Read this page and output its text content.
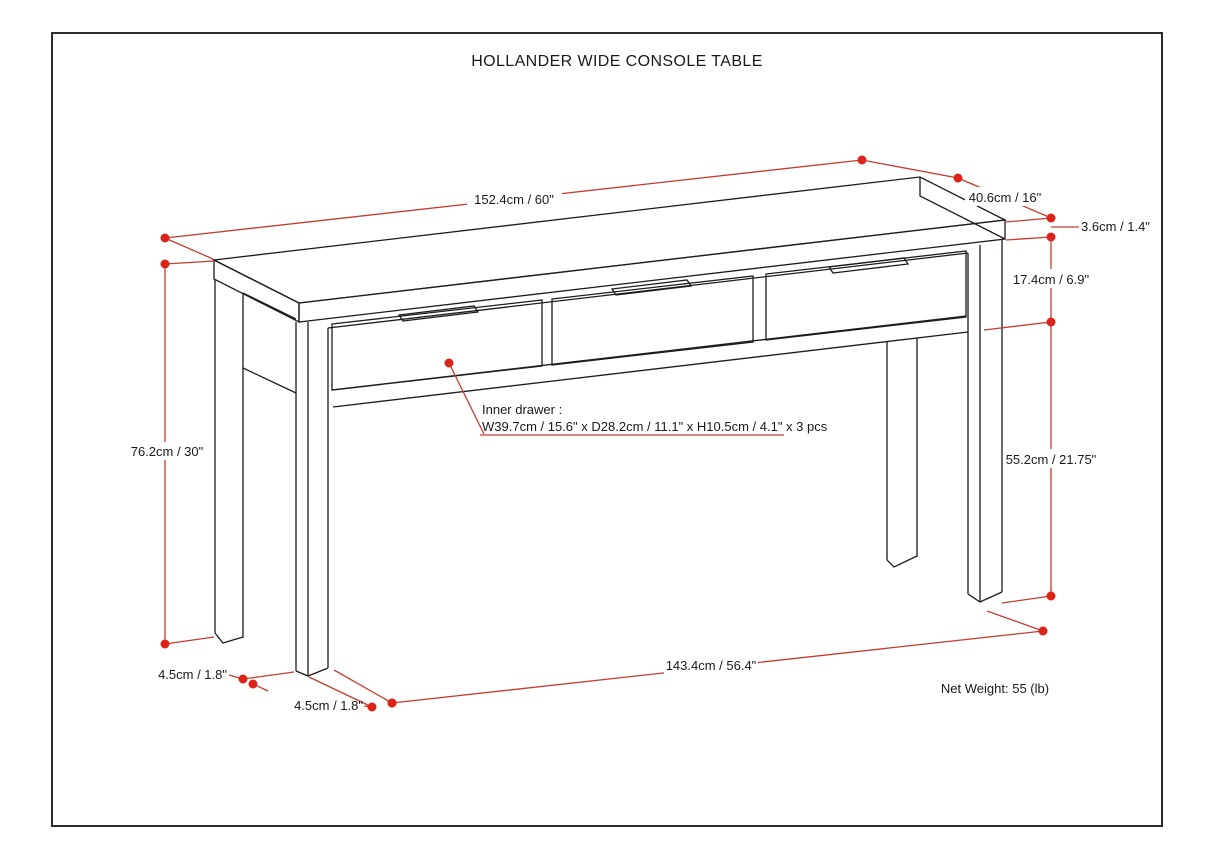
HOLLANDER WIDE CONSOLE TABLE
152.4cm / 60"	40.6cm / 16"
3.6cm / 1.4"
17.4cm / 6.9"
55.2cm / 21.75"
76.2cm / 30"
143.4cm / 56.4"
4.5cm / 1.8"
4.5cm / 1.8"
Inner drawer :
W39.7cm / 15.6" x D28.2cm / 11.1" x H10.5cm / 4.1" x 3 pcs
Net Weight: 55 (lb)
